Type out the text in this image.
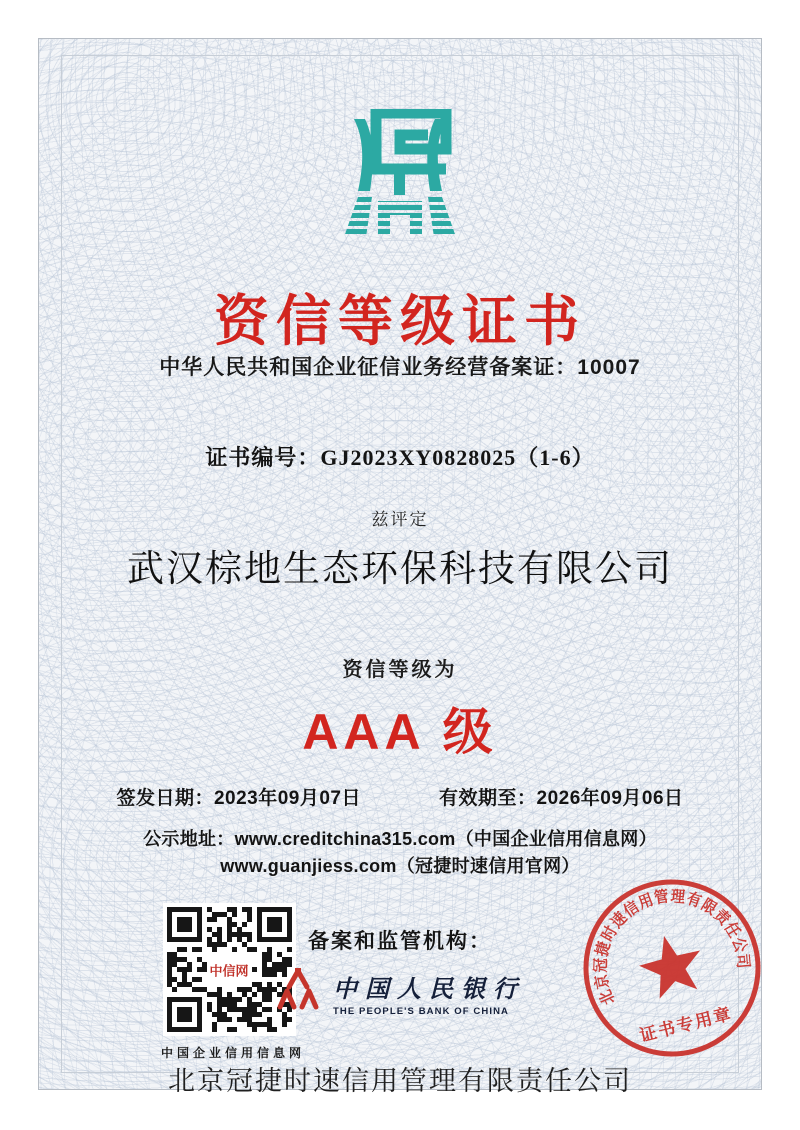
资信等级证书
中华人民共和国企业征信业务经营备案证：10007
证书编号：GJ2023XY0828025（1-6）
兹评定
武汉棕地生态环保科技有限公司
资信等级为
AAA 级
签发日期：2023年09月07日	有效期至：2026年09月06日
公示地址：www.creditchina315.com（中国企业信用信息网）
www.guanjiess.com（冠捷时速信用官网）
中信网
中国企业信用信息网
备案和监管机构：
中国人民银行
THE PEOPLE'S BANK OF CHINA
北京冠捷时速信用管理有限责任公司
证书专用章
北京冠捷时速信用管理有限责任公司
